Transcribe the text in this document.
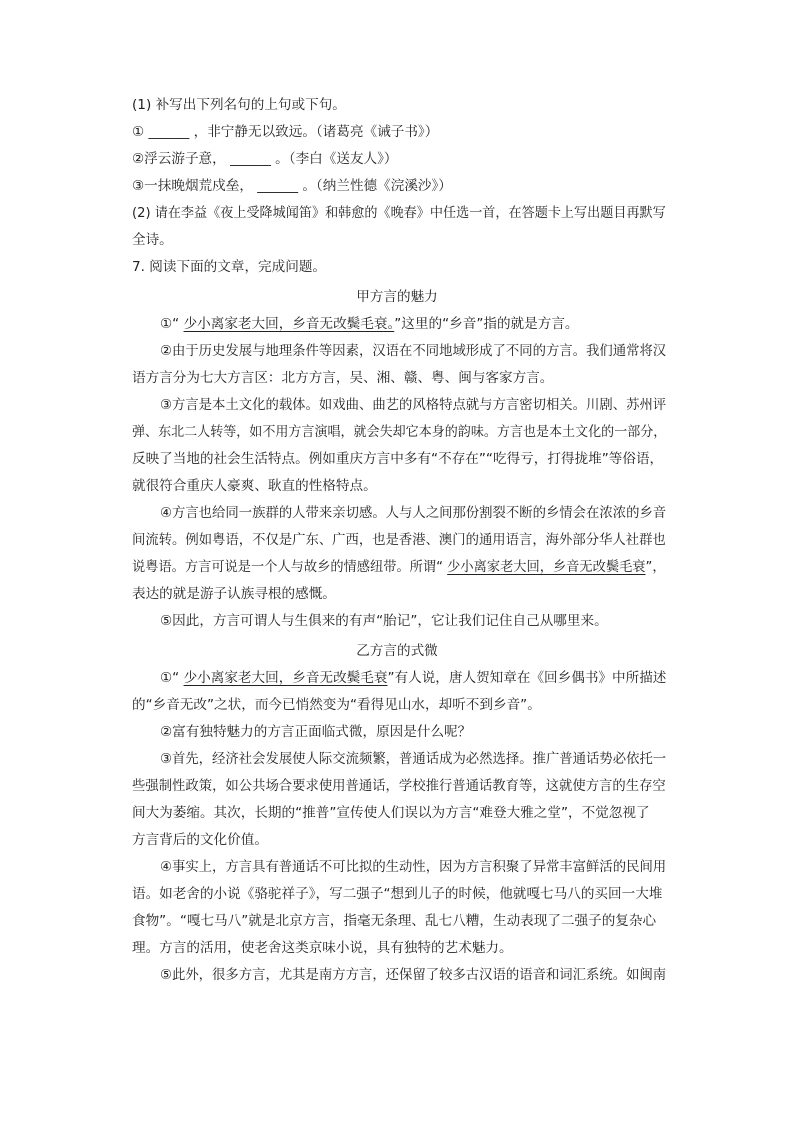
(1) 补写出下列名句的上句或下句。
① ______ ，非宁静无以致远。（诸葛亮《诫子书》）
②浮云游子意， ______ 。（李白《送友人》）
③一抹晚烟荒戍垒， ______ 。（纳兰性德《浣溪沙》）
(2) 请在李益《夜上受降城闻笛》和韩愈的《晚春》中任选一首，在答题卡上写出题目再默写
全诗。
7. 阅读下面的文章，完成问题。
甲方言的魅力
①“ 少小离家老大回，乡音无改鬓毛衰。”这里的“乡音”指的就是方言。
②由于历史发展与地理条件等因素，汉语在不同地域形成了不同的方言。我们通常将汉
语方言分为七大方言区：北方方言，吴、湘、赣、粤、闽与客家方言。
③方言是本土文化的载体。如戏曲、曲艺的风格特点就与方言密切相关。川剧、苏州评
弹、东北二人转等，如不用方言演唱，就会失却它本身的韵味。方言也是本土文化的一部分，
反映了当地的社会生活特点。例如重庆方言中多有“不存在”“吃得亏，打得拢堆”等俗语，
就很符合重庆人豪爽、耿直的性格特点。
④方言也给同一族群的人带来亲切感。人与人之间那份割裂不断的乡情会在浓浓的乡音
间流转。例如粤语，不仅是广东、广西，也是香港、澳门的通用语言，海外部分华人社群也
说粤语。方言可说是一个人与故乡的情感纽带。所谓“ 少小离家老大回，乡音无改鬓毛衰”，
表达的就是游子认族寻根的感慨。
⑤因此，方言可谓人与生俱来的有声“胎记”，它让我们记住自己从哪里来。
乙方言的式微
①“ 少小离家老大回，乡音无改鬓毛衰”有人说，唐人贺知章在《回乡偶书》中所描述
的“乡音无改”之状，而今已悄然变为“看得见山水，却听不到乡音”。
②富有独特魅力的方言正面临式微，原因是什么呢？
③首先，经济社会发展使人际交流频繁，普通话成为必然选择。推广普通话势必依托一
些强制性政策，如公共场合要求使用普通话，学校推行普通话教育等，这就使方言的生存空
间大为萎缩。其次，长期的“推普”宣传使人们误以为方言“难登大雅之堂”，不觉忽视了
方言背后的文化价值。
④事实上，方言具有普通话不可比拟的生动性，因为方言积聚了异常丰富鲜活的民间用
语。如老舍的小说《骆驼祥子》，写二强子“想到儿子的时候，他就嘎七马八的买回一大堆
食物”。“嘎七马八”就是北京方言，指毫无条理、乱七八糟，生动表现了二强子的复杂心
理。方言的活用，使老舍这类京味小说，具有独特的艺术魅力。
⑤此外，很多方言，尤其是南方方言，还保留了较多古汉语的语音和词汇系统。如闽南
